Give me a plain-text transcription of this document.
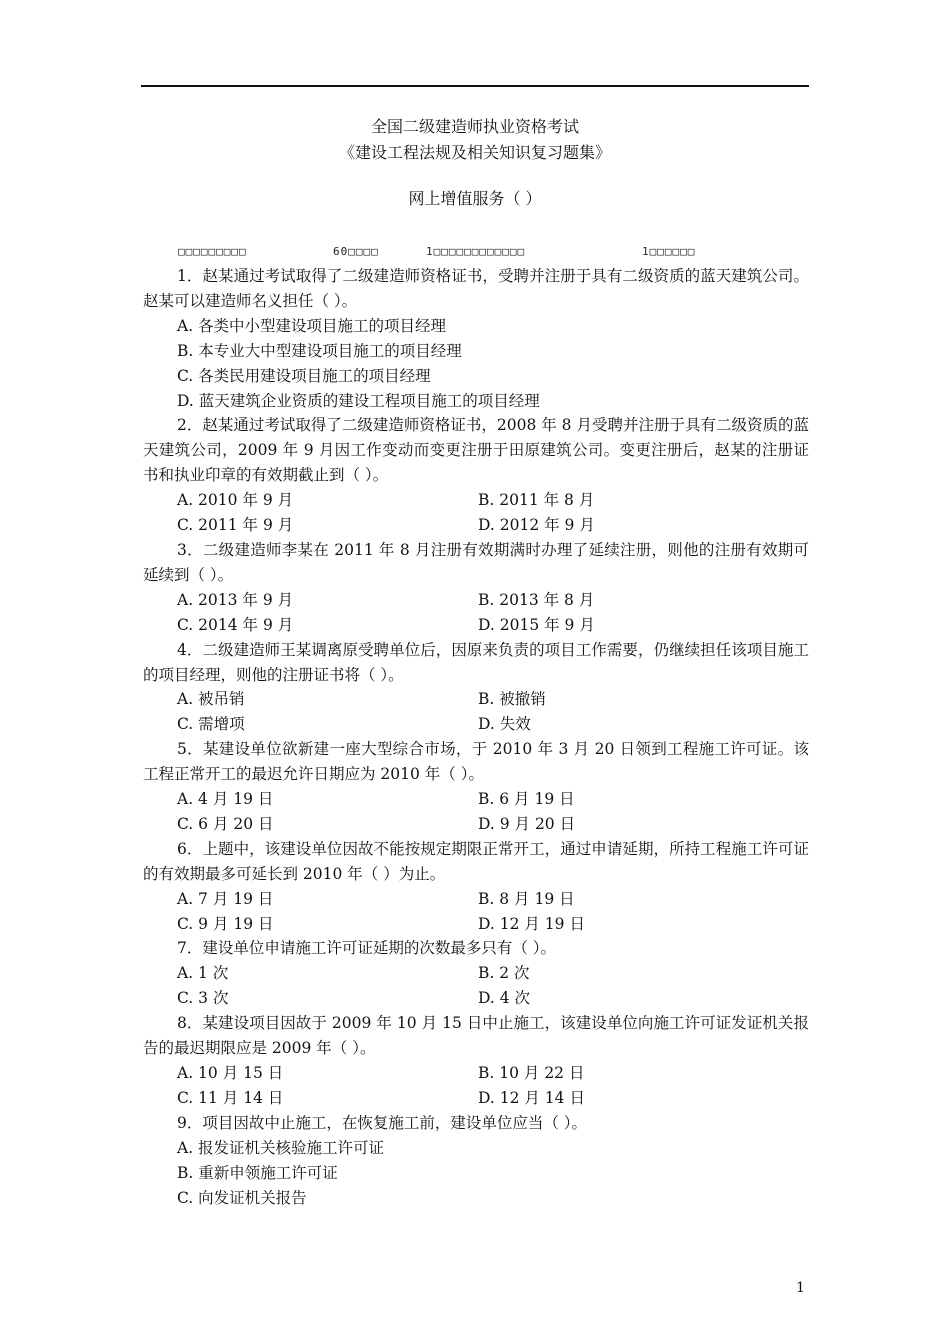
全国二级建造师执业资格考试
《建设工程法规及相关知识复习题集》
网上增值服务（ ）
□□□□□□□□□	60□□□□	1□□□□□□□□□□□□	1□□□□□□
1．赵某通过考试取得了二级建造师资格证书，受聘并注册于具有二级资质的蓝天建筑公司。赵某可以建造师名义担任（ ）。
A. 各类中小型建设项目施工的项目经理
B. 本专业大中型建设项目施工的项目经理
C. 各类民用建设项目施工的项目经理
D. 蓝天建筑企业资质的建设工程项目施工的项目经理
2．赵某通过考试取得了二级建造师资格证书，2008 年 8 月受聘并注册于具有二级资质的蓝天建筑公司，2009 年 9 月因工作变动而变更注册于田原建筑公司。变更注册后，赵某的注册证书和执业印章的有效期截止到（ ）。
A. 2010 年 9 月	B. 2011 年 8 月
C. 2011 年 9 月	D. 2012 年 9 月
3．二级建造师李某在 2011 年 8 月注册有效期满时办理了延续注册，则他的注册有效期可延续到（ ）。
A. 2013 年 9 月	B. 2013 年 8 月
C. 2014 年 9 月	D. 2015 年 9 月
4．二级建造师王某调离原受聘单位后，因原来负责的项目工作需要，仍继续担任该项目施工的项目经理，则他的注册证书将（ ）。
A. 被吊销	B. 被撤销
C. 需增项	D. 失效
5．某建设单位欲新建一座大型综合市场，于 2010 年 3 月 20 日领到工程施工许可证。该工程正常开工的最迟允许日期应为 2010 年（ ）。
A. 4 月 19 日	B. 6 月 19 日
C. 6 月 20 日	D. 9 月 20 日
6．上题中，该建设单位因故不能按规定期限正常开工，通过申请延期，所持工程施工许可证的有效期最多可延长到 2010 年（ ）为止。
A. 7 月 19 日	B. 8 月 19 日
C. 9 月 19 日	D. 12 月 19 日
7．建设单位申请施工许可证延期的次数最多只有（ ）。
A. 1 次	B. 2 次
C. 3 次	D. 4 次
8．某建设项目因故于 2009 年 10 月 15 日中止施工，该建设单位向施工许可证发证机关报告的最迟期限应是 2009 年（ ）。
A. 10 月 15 日	B. 10 月 22 日
C. 11 月 14 日	D. 12 月 14 日
9．项目因故中止施工，在恢复施工前，建设单位应当（ ）。
A. 报发证机关核验施工许可证
B. 重新申领施工许可证
C. 向发证机关报告
1
